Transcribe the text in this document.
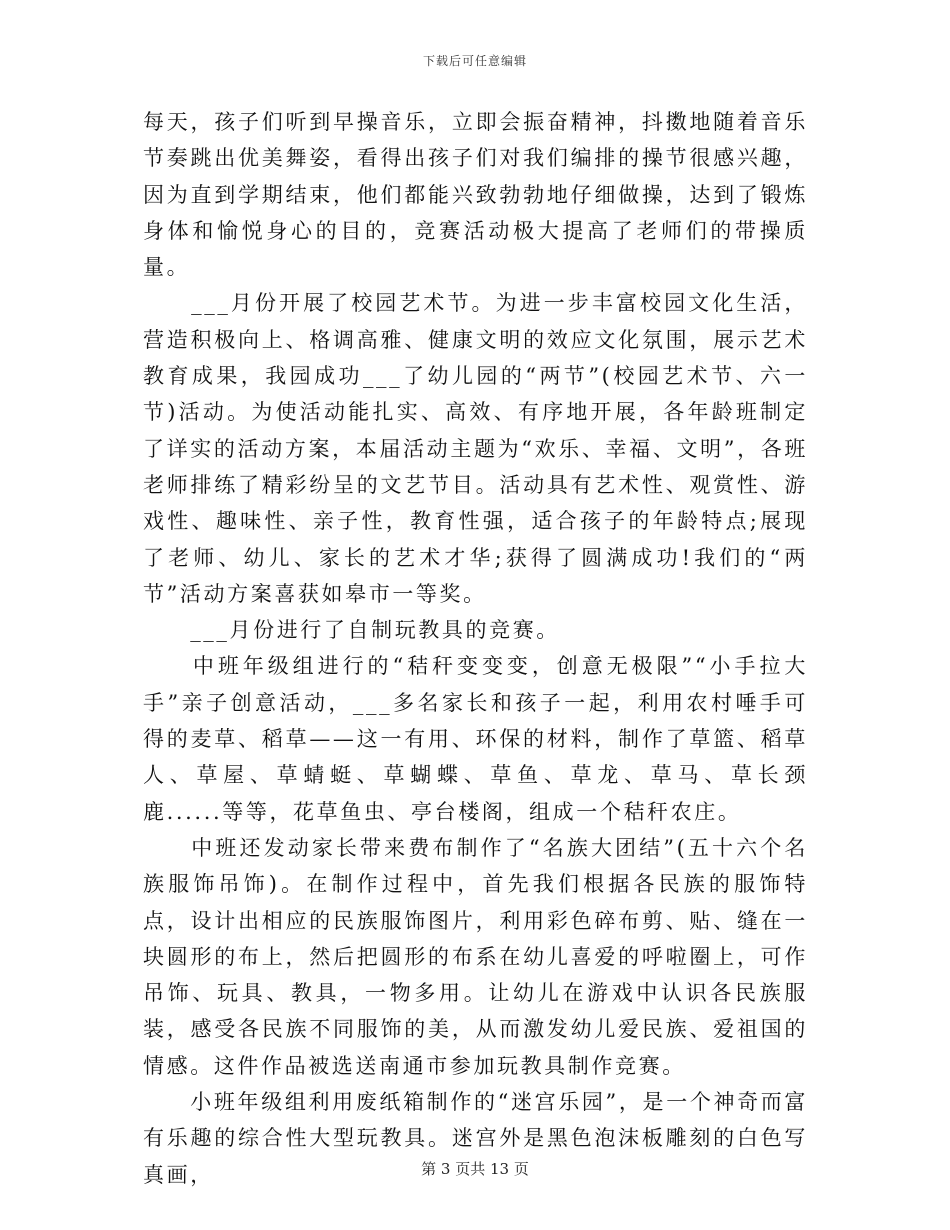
下载后可任意编辑

每天，孩子们听到早操音乐，立即会振奋精神，抖擞地随着音乐节奏跳出优美舞姿，看得出孩子们对我们编排的操节很感兴趣，因为直到学期结束，他们都能兴致勃勃地仔细做操，达到了锻炼身体和愉悦身心的目的，竞赛活动极大提高了老师们的带操质量。

　　___月份开展了校园艺术节。为进一步丰富校园文化生活，营造积极向上、格调高雅、健康文明的效应文化氛围，展示艺术教育成果，我园成功___了幼儿园的“两节”(校园艺术节、六一节)活动。为使活动能扎实、高效、有序地开展，各年龄班制定了详实的活动方案，本届活动主题为“欢乐、幸福、文明”，各班老师排练了精彩纷呈的文艺节目。活动具有艺术性、观赏性、游戏性、趣味性、亲子性，教育性强，适合孩子的年龄特点;展现了老师、幼儿、家长的艺术才华;获得了圆满成功!我们的“两节”活动方案喜获如皋市一等奖。

　　___月份进行了自制玩教具的竞赛。

　　中班年级组进行的“秸秆变变变，创意无极限”“小手拉大手”亲子创意活动，___多名家长和孩子一起，利用农村唾手可得的麦草、稻草——这一有用、环保的材料，制作了草篮、稻草人、草屋、草蜻蜓、草蝴蝶、草鱼、草龙、草马、草长颈鹿......等等，花草鱼虫、亭台楼阁，组成一个秸秆农庄。

　　中班还发动家长带来费布制作了“名族大团结”(五十六个名族服饰吊饰)。在制作过程中，首先我们根据各民族的服饰特点，设计出相应的民族服饰图片，利用彩色碎布剪、贴、缝在一块圆形的布上，然后把圆形的布系在幼儿喜爱的呼啦圈上，可作吊饰、玩具、教具，一物多用。让幼儿在游戏中认识各民族服装，感受各民族不同服饰的美，从而激发幼儿爱民族、爱祖国的情感。这件作品被选送南通市参加玩教具制作竞赛。

　　小班年级组利用废纸箱制作的“迷宫乐园”，是一个神奇而富有乐趣的综合性大型玩教具。迷宫外是黑色泡沫板雕刻的白色写真画，	第 3 页共 13 页
